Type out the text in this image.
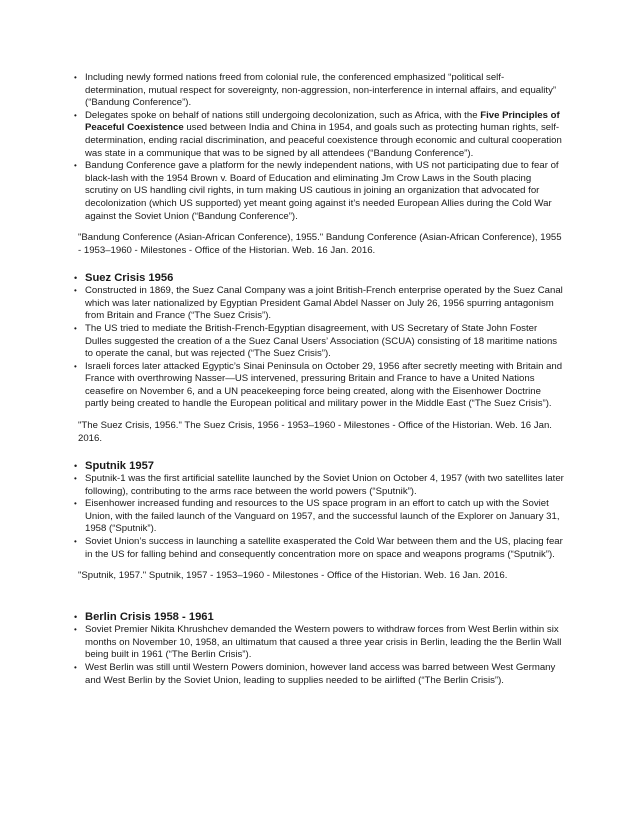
• Including newly formed nations freed from colonial rule, the conferenced emphasized “political self-determination, mutual respect for sovereignty, non-aggression, non-interference in internal affairs, and equality” (“Bandung Conference”).
• Delegates spoke on behalf of nations still undergoing decolonization, such as Africa, with the Five Principles of Peaceful Coexistence used between India and China in 1954, and goals such as protecting human rights, self-determination, ending racial discrimination, and peaceful coexistence through economic and cultural cooperation was state in a communique that was to be signed by all attendees (“Bandung Conference”).
• Bandung Conference gave a platform for the newly independent nations, with US not participating due to fear of black-lash with the 1954 Brown v. Board of Education and eliminating Jm Crow Laws in the South placing scrutiny on US handling civil rights, in turn making US cautious in joining an organization that advocated for decolonization (which US supported) yet meant going against it’s needed European Allies during the Cold War against the Soviet Union (“Bandung Conference”).
"Bandung Conference (Asian-African Conference), 1955." Bandung Conference (Asian-African Conference), 1955 - 1953–1960 - Milestones - Office of the Historian. Web. 16 Jan. 2016.
• Suez Crisis 1956
• Constructed in 1869, the Suez Canal Company was a joint British-French enterprise operated by the Suez Canal which was later nationalized by Egyptian President Gamal Abdel Nasser on July 26, 1956 spurring antagonism from Britain and France (“The Suez Crisis”).
• The US tried to mediate the British-French-Egyptian disagreement, with US Secretary of State John Foster Dulles suggested the creation of a the Suez Canal Users’ Association (SCUA) consisting of 18 maritime nations to operate the canal, but was rejected (“The Suez Crisis”).
• Israeli forces later attacked Egyptic’s Sinai Peninsula on October 29, 1956 after secretly meeting with Britain and France with overthrowing Nasser—US intervened, pressuring Britain and France to have a United Nations ceasefire on November 6, and a UN peacekeeping force being created, along with the Eisenhower Doctrine partly being created to handle the European political and military power in the Middle East (“The Suez Crisis”).
"The Suez Crisis, 1956." The Suez Crisis, 1956 - 1953–1960 - Milestones - Office of the Historian. Web. 16 Jan. 2016.
• Sputnik 1957
• Sputnik-1 was the first artificial satellite launched by the Soviet Union on October 4, 1957 (with two satellites later following), contributing to the arms race between the world powers (“Sputnik”).
• Eisenhower increased funding and resources to the US space program in an effort to catch up with the Soviet Union, with the failed launch of the Vanguard on 1957, and the successful launch of the Explorer on January 31, 1958 (“Sputnik”).
• Soviet Union’s success in launching a satellite exasperated the Cold War between them and the US, placing fear in the US for falling behind and consequently concentration more on space and weapons programs (“Sputnik”).
"Sputnik, 1957." Sputnik, 1957 - 1953–1960 - Milestones - Office of the Historian. Web. 16 Jan. 2016.
• Berlin Crisis 1958 - 1961
• Soviet Premier Nikita Khrushchev demanded the Western powers to withdraw forces from West Berlin within six months on November 10, 1958, an ultimatum that caused a three year crisis in Berlin, leading the the Berlin Wall being built in 1961 (“The Berlin Crisis”).
• West Berlin was still until Western Powers dominion, however land access was barred between West Germany and West Berlin by the Soviet Union, leading to supplies needed to be airlifted (“The Berlin Crisis”).
